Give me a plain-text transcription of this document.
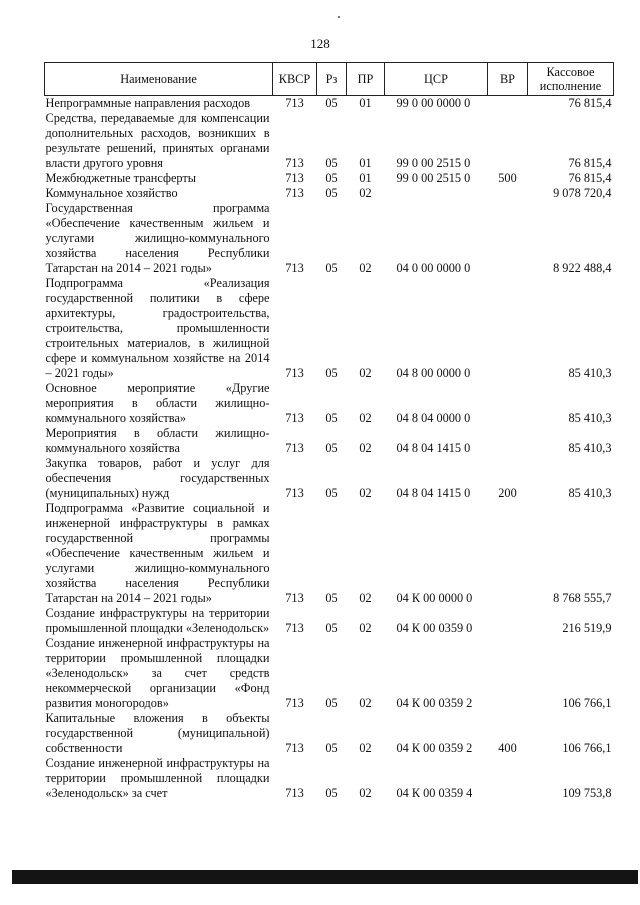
128
Наименование	КВСР	Рз	ПР	ЦСР	ВР	Кассовое исполнение
Непрограммные направления расходов	713	05	01	99 0 00 0000 0		76 815,4
Средства, передаваемые для компенсации дополнительных расходов, возникших в результате решений, принятых органами власти другого уровня	713	05	01	99 0 00 2515 0		76 815,4
Межбюджетные трансферты	713	05	01	99 0 00 2515 0	500	76 815,4
Коммунальное хозяйство	713	05	02			9 078 720,4
Государственная программа «Обеспечение качественным жильем и услугами жилищно-коммунального хозяйства населения Республики Татарстан на 2014 – 2021 годы»	713	05	02	04 0 00 0000 0		8 922 488,4
Подпрограмма «Реализация государственной политики в сфере архитектуры, градостроительства, строительства, промышленности строительных материалов, в жилищной сфере и коммунальном хозяйстве на 2014 – 2021 годы»	713	05	02	04 8 00 0000 0		85 410,3
Основное мероприятие «Другие мероприятия в области жилищно-коммунального хозяйства»	713	05	02	04 8 04 0000 0		85 410,3
Мероприятия в области жилищно-коммунального хозяйства	713	05	02	04 8 04 1415 0		85 410,3
Закупка товаров, работ и услуг для обеспечения государственных (муниципальных) нужд	713	05	02	04 8 04 1415 0	200	85 410,3
Подпрограмма «Развитие социальной и инженерной инфраструктуры в рамках государственной программы «Обеспечение качественным жильем и услугами жилищно-коммунального хозяйства населения Республики Татарстан на 2014 – 2021 годы»	713	05	02	04 К 00 0000 0		8 768 555,7
Создание инфраструктуры на территории промышленной площадки «Зеленодольск»	713	05	02	04 К 00 0359 0		216 519,9
Создание инженерной инфраструктуры на территории промышленной площадки «Зеленодольск» за счет средств некоммерческой организации «Фонд развития моногородов»	713	05	02	04 К 00 0359 2		106 766,1
Капитальные вложения в объекты государственной (муниципальной) собственности	713	05	02	04 К 00 0359 2	400	106 766,1
Создание инженерной инфраструктуры на территории промышленной площадки «Зеленодольск» за счет	713	05	02	04 К 00 0359 4		109 753,8
